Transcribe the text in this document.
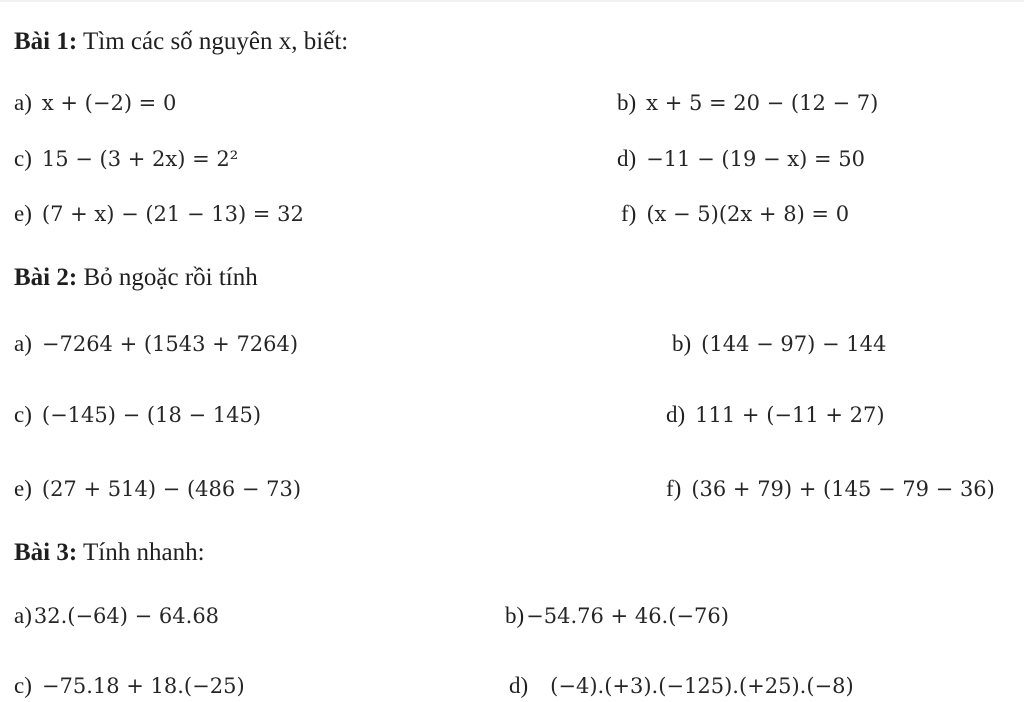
Bài 1: Tìm các số nguyên x, biết:
a) x + (−2) = 0	b) x + 5 = 20 − (12 − 7)
c) 15 − (3 + 2x) = 2²	d) −11 − (19 − x) = 50
e) (7 + x) − (21 − 13) = 32	f) (x − 5)(2x + 8) = 0
Bài 2: Bỏ ngoặc rồi tính
a) −7264 + (1543 + 7264)	b) (144 − 97) − 144
c) (−145) − (18 − 145)	d) 111 + (−11 + 27)
e) (27 + 514) − (486 − 73)	f) (36 + 79) + (145 − 79 − 36)
Bài 3: Tính nhanh:
a) 32.(−64) − 64.68	b) −54.76 + 46.(−76)
c) −75.18 + 18.(−25)	d) (−4).(+3).(−125).(+25).(−8)
